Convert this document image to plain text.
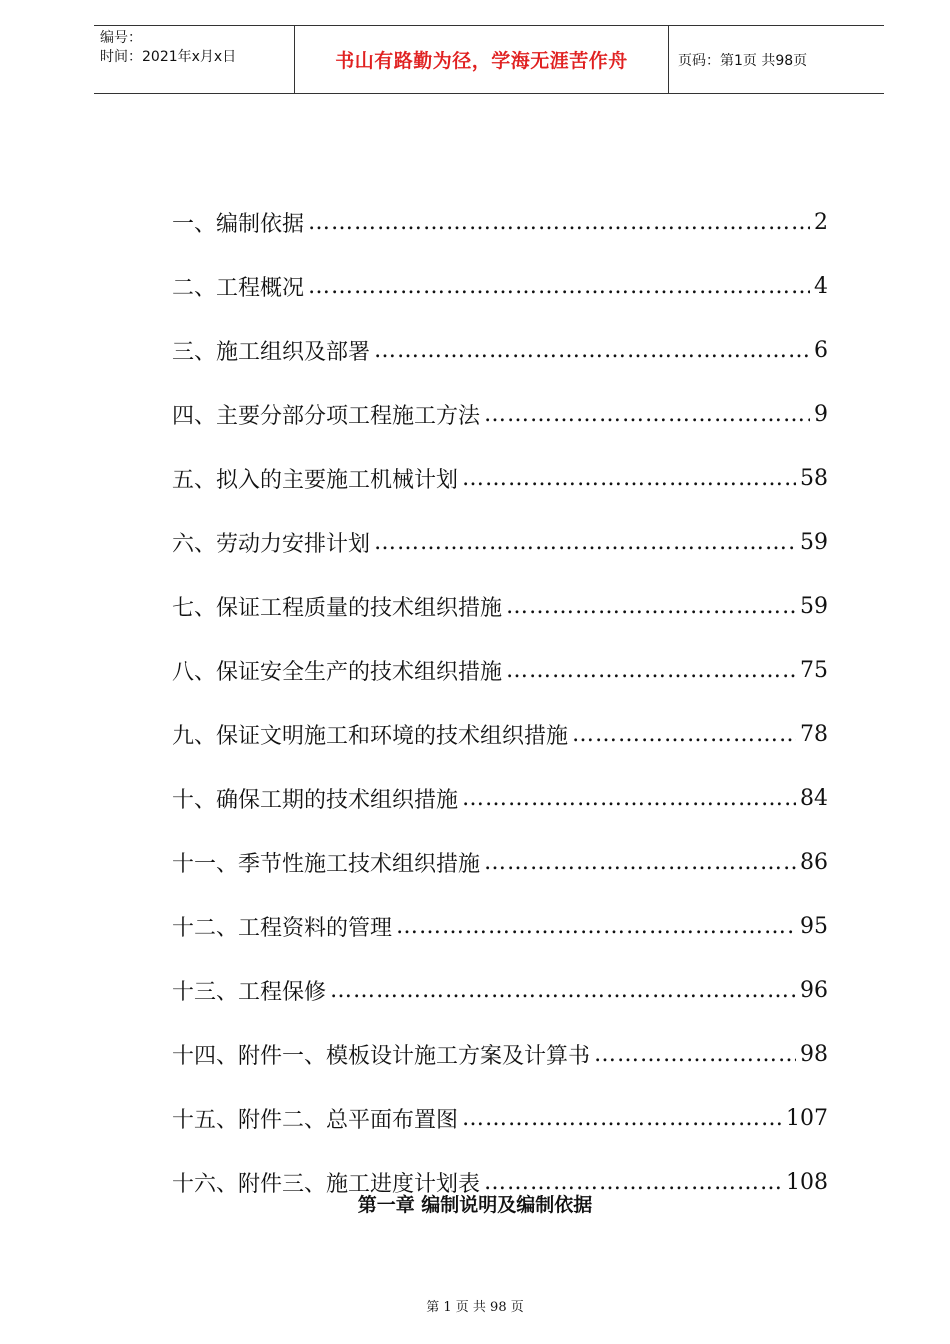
编号：
时间：2021年x月x日	书山有路勤为径，学海无涯苦作舟	页码：第1页 共98页
一、 编制依据 ……………………………………………………………………………………………………………………	2
二、 工程概况 ……………………………………………………………………………………………………………………	4
三、 施工组织及部署 ……………………………………………………………………………………………………………………	6
四、 主要分部分项工程施工方法 ……………………………………………………………………………………………………………………	9
五、 拟入的主要施工机械计划 ……………………………………………………………………………………………………………………	58
六、 劳动力安排计划 ……………………………………………………………………………………………………………………	59
七、 保证工程质量的技术组织措施 ……………………………………………………………………………………………………………………	59
八、 保证安全生产的技术组织措施 ……………………………………………………………………………………………………………………	75
九、 保证文明施工和环境的技术组织措施 ……………………………………………………………………………………………………………………	78
十、 确保工期的技术组织措施 ……………………………………………………………………………………………………………………	84
十一、 季节性施工技术组织措施 ……………………………………………………………………………………………………………………	86
十二、 工程资料的管理 ……………………………………………………………………………………………………………………	95
十三、 工程保修 ……………………………………………………………………………………………………………………	96
十四、 附件一、模板设计施工方案及计算书 ……………………………………………………………………………………………………………………	98
十五、 附件二、总平面布置图 ……………………………………………………………………………………………………………………	107
十六、 附件三、施工进度计划表 ……………………………………………………………………………………………………………………	108
第一章 编制说明及编制依据
第 1 页 共 98 页
